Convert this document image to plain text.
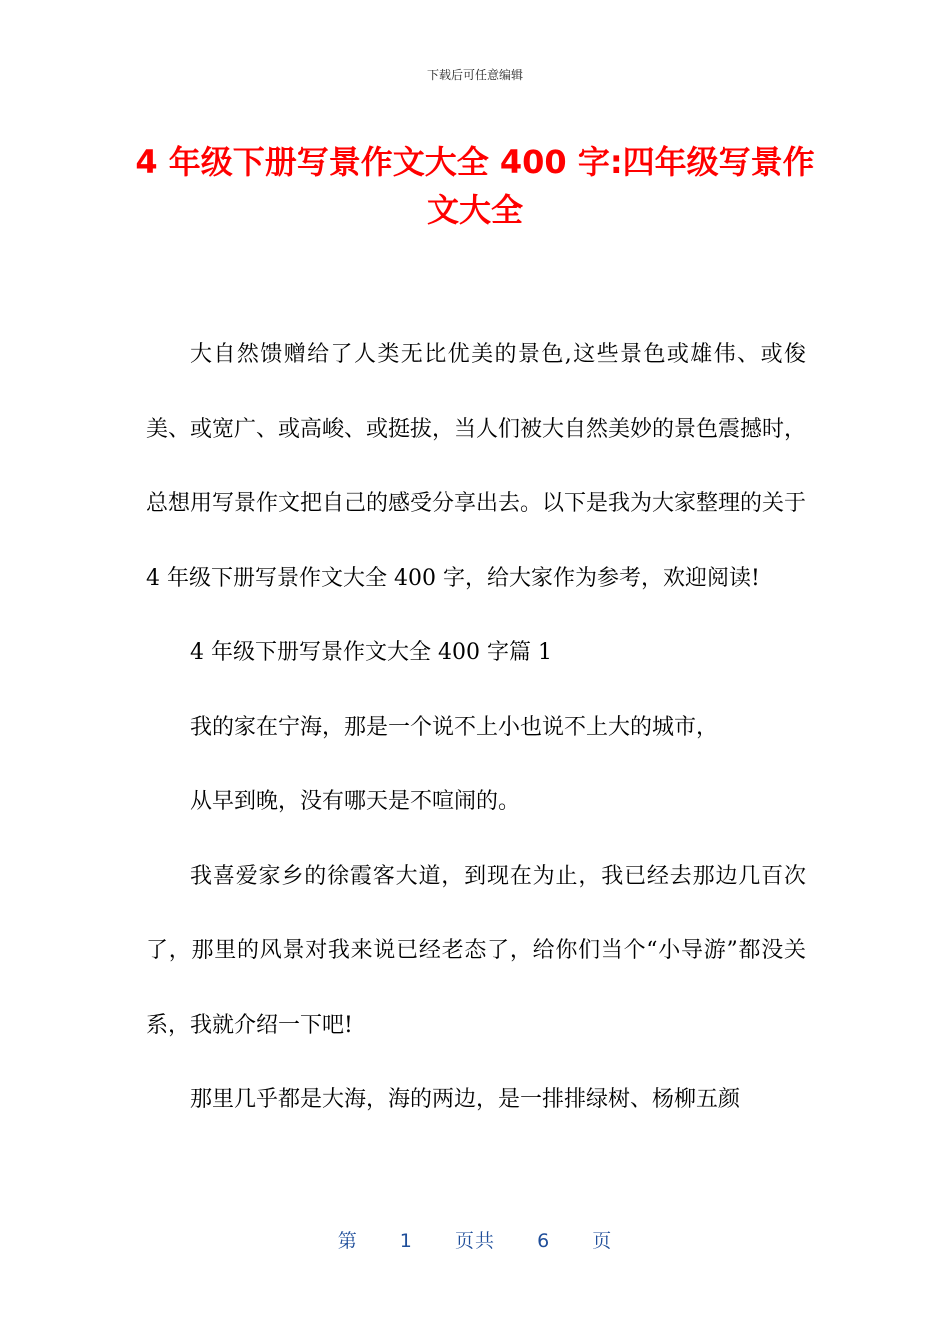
下载后可任意编辑
4 年级下册写景作文大全 400 字:四年级写景作文大全

大自然馈赠给了人类无比优美的景色,这些景色或雄伟、或俊美、或宽广、或高峻、或挺拔，当人们被大自然美妙的景色震撼时，总想用写景作文把自己的感受分享出去。以下是我为大家整理的关于 4 年级下册写景作文大全 400 字，给大家作为参考，欢迎阅读!

4 年级下册写景作文大全 400 字篇 1

我的家在宁海，那是一个说不上小也说不上大的城市，

从早到晚，没有哪天是不喧闹的。

我喜爱家乡的徐霞客大道，到现在为止，我已经去那边几百次了，那里的风景对我来说已经老态了，给你们当个“小导游”都没关系，我就介绍一下吧!

那里几乎都是大海，海的两边，是一排排绿树、杨柳五颜

第 1 页共 6 页
